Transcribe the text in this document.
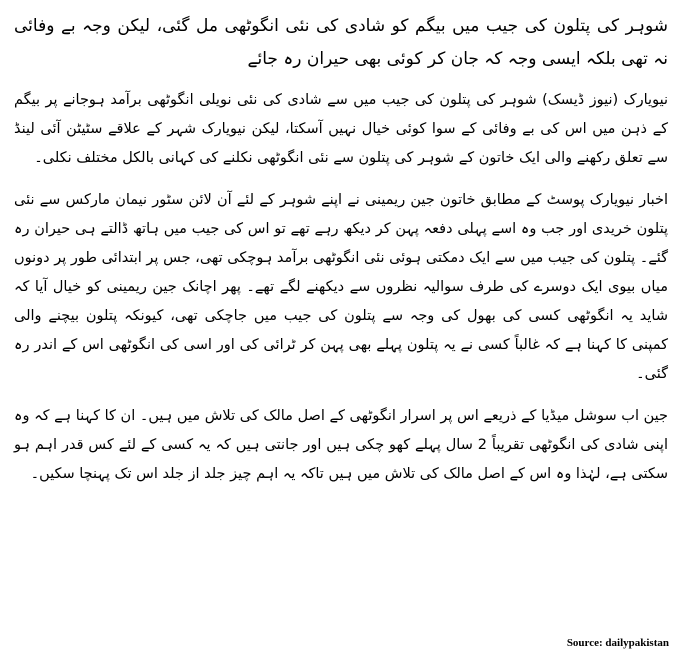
شوہر کی پتلون کی جیب میں بیگم کو شادی کی نئی انگوٹھی مل گئی، لیکن وجہ بے وفائی نہ تھی بلکہ ایسی وجہ کہ جان کر کوئی بھی حیران رہ جائے

نیویارک (نیوز ڈیسک) شوہر کی پتلون کی جیب میں سے شادی کی نئی نویلی انگوٹھی برآمد ہوجانے پر بیگم کے ذہن میں اس کی بے وفائی کے سوا کوئی خیال نہیں آسکتا، لیکن نیویارک شہر کے علاقے سٹیٹن آئی لینڈ سے تعلق رکھنے والی ایک خاتون کے شوہر کی پتلون سے نئی انگوٹھی نکلنے کی کہانی بالکل مختلف نکلی۔

اخبار نیویارک پوسٹ کے مطابق خاتون جین ریمینی نے اپنے شوہر کے لئے آن لائن سٹور نیمان مارکس سے نئی پتلون خریدی اور جب وہ اسے پہلی دفعہ پہن کر دیکھ رہے تھے تو اس کی جیب میں ہاتھ ڈالتے ہی حیران رہ گئے۔ پتلون کی جیب میں سے ایک دمکتی ہوئی نئی انگوٹھی برآمد ہوچکی تھی، جس پر ابتدائی طور پر دونوں میاں بیوی ایک دوسرے کی طرف سوالیہ نظروں سے دیکھنے لگے تھے۔ پھر اچانک جین ریمینی کو خیال آیا کہ شاید یہ انگوٹھی کسی کی بھول کی وجہ سے پتلون کی جیب میں جاچکی تھی، کیونکہ پتلون بیچنے والی کمپنی کا کہنا ہے کہ غالباً کسی نے یہ پتلون پہلے بھی پہن کر ٹرائی کی اور اسی کی انگوٹھی اس کے اندر رہ گئی۔

جین اب سوشل میڈیا کے ذریعے اس پر اسرار انگوٹھی کے اصل مالک کی تلاش میں ہیں۔ ان کا کہنا ہے کہ وہ اپنی شادی کی انگوٹھی تقریباً 2 سال پہلے کھو چکی ہیں اور جانتی ہیں کہ یہ کسی کے لئے کس قدر اہم ہو سکتی ہے، لہٰذا وہ اس کے اصل مالک کی تلاش میں ہیں تاکہ یہ اہم چیز جلد از جلد اس تک پہنچا سکیں۔

Source: dailypakistan
